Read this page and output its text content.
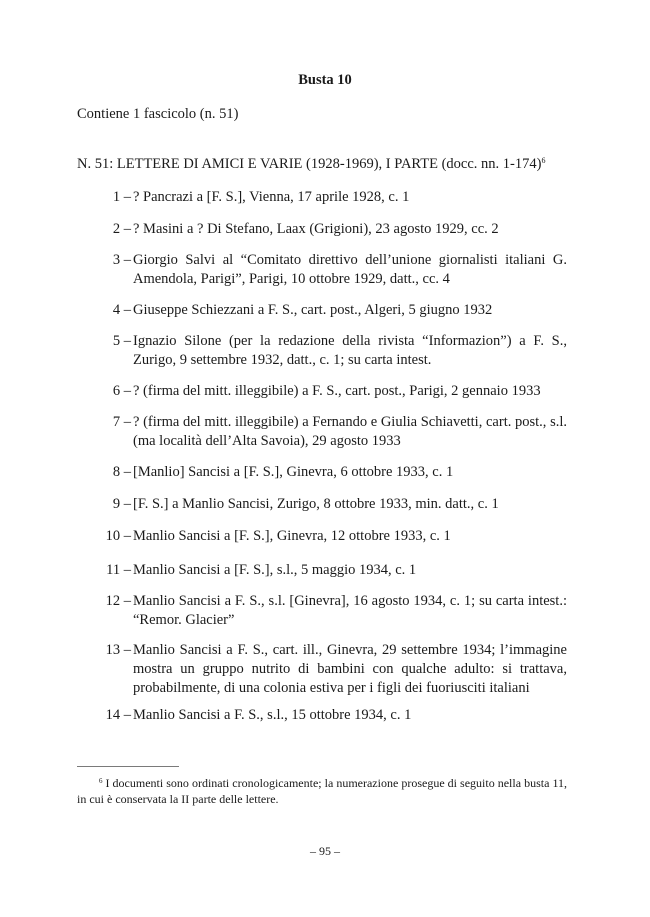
Busta 10
Contiene 1 fascicolo (n. 51)
N. 51: LETTERE DI AMICI E VARIE (1928-1969), I PARTE (docc. nn. 1-174)$^6$
1 – ? Pancrazi a [F. S.], Vienna, 17 aprile 1928, c. 1
2 – ? Masini a ? Di Stefano, Laax (Grigioni), 23 agosto 1929, cc. 2
3 – Giorgio Salvi al “Comitato direttivo dell’unione giornalisti italiani G. Amendola, Parigi”, Parigi, 10 ottobre 1929, datt., cc. 4
4 – Giuseppe Schiezzani a F. S., cart. post., Algeri, 5 giugno 1932
5 – Ignazio Silone (per la redazione della rivista “Informazion”) a F. S., Zurigo, 9 settembre 1932, datt., c. 1; su carta intest.
6 – ? (firma del mitt. illeggibile) a F. S., cart. post., Parigi, 2 gennaio 1933
7 – ? (firma del mitt. illeggibile) a Fernando e Giulia Schiavetti, cart. post., s.l. (ma località dell’Alta Savoia), 29 agosto 1933
8 – [Manlio] Sancisi a [F. S.], Ginevra, 6 ottobre 1933, c. 1
9 – [F. S.] a Manlio Sancisi, Zurigo, 8 ottobre 1933, min. datt., c. 1
10 – Manlio Sancisi a [F. S.], Ginevra, 12 ottobre 1933, c. 1
11 – Manlio Sancisi a [F. S.], s.l., 5 maggio 1934, c. 1
12 – Manlio Sancisi a F. S., s.l. [Ginevra], 16 agosto 1934, c. 1; su carta intest.: “Remor. Glacier”
13 – Manlio Sancisi a F. S., cart. ill., Ginevra, 29 settembre 1934; l’immagine mostra un gruppo nutrito di bambini con qualche adulto: si trattava, probabilmente, di una colonia estiva per i figli dei fuoriusciti italiani
14 – Manlio Sancisi a F. S., s.l., 15 ottobre 1934, c. 1
$^6$ I documenti sono ordinati cronologicamente; la numerazione prosegue di seguito nella busta 11, in cui è conservata la II parte delle lettere.
– 95 –
